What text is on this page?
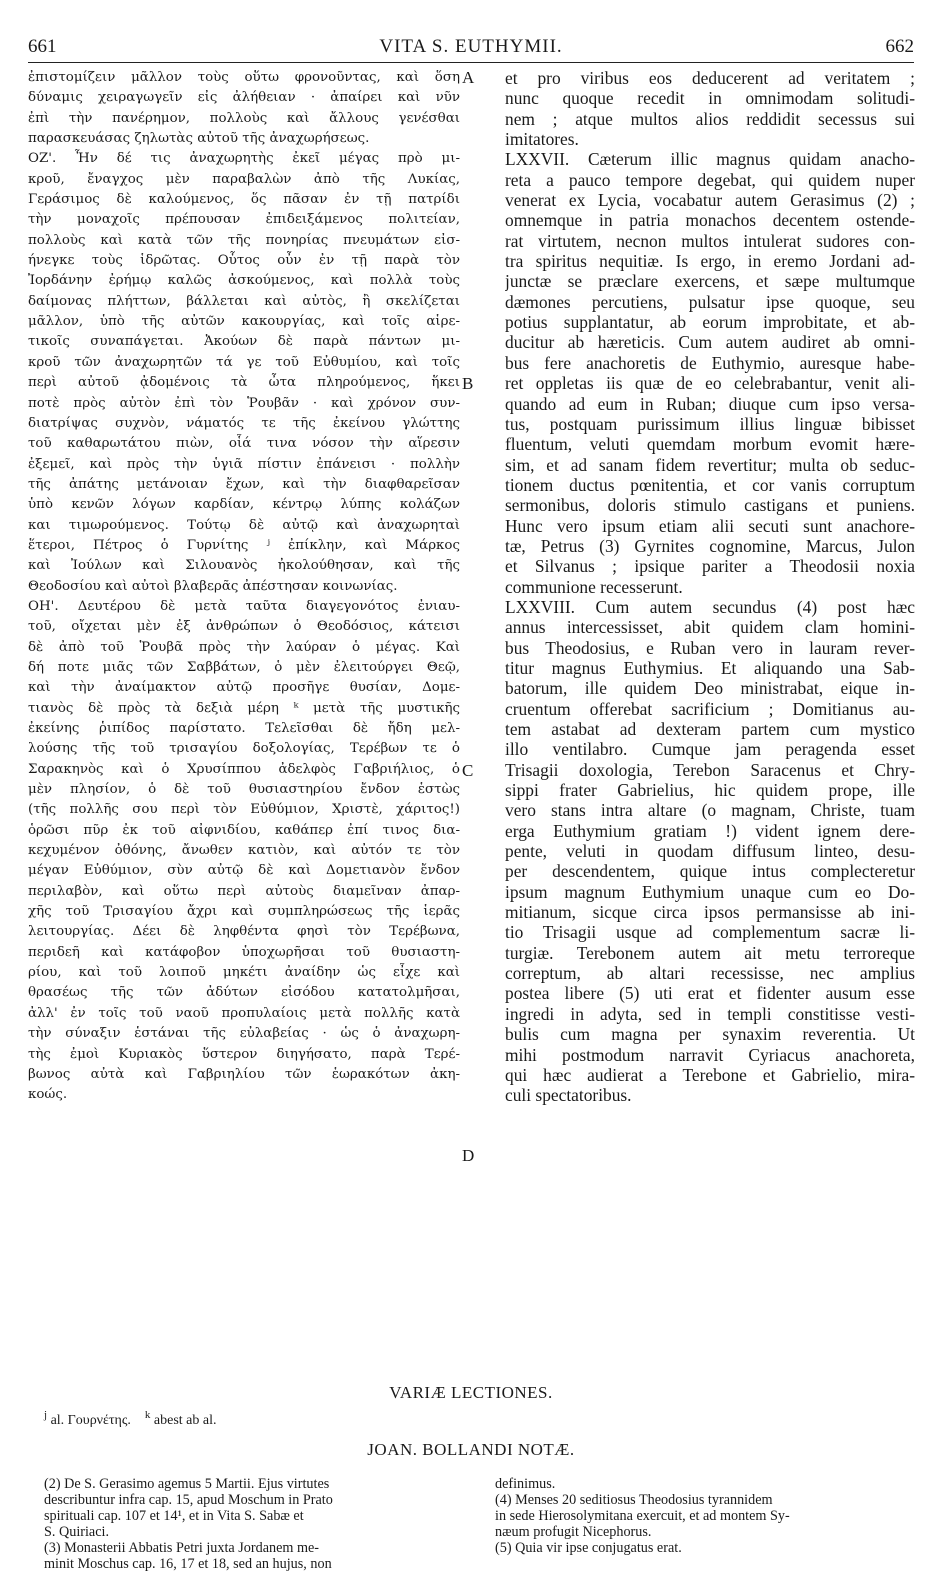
661	VITA S. EUTHYMII.	662
ἐπιστομίζειν μᾶλλον τοὺς οὕτω φρονοῦντας, καὶ ὅση
δύναμις χειραγωγεῖν εἰς ἀλήθειαν · ἀπαίρει καὶ νῦν
ἐπὶ τὴν πανέρημον, πολλοὺς καὶ ἄλλους γενέσθαι
παρασκευάσας ζηλωτὰς αὐτοῦ τῆς ἀναχωρήσεως.
ΟΖ'. Ἦν δέ τις ἀναχωρητὴς ἐκεῖ μέγας πρὸ μι-
κροῦ, ἔναγχος μὲν παραβαλὼν ἀπὸ τῆς Λυκίας,
Γεράσιμος δὲ καλούμενος, ὅς πᾶσαν ἐν τῇ πατρίδι
τὴν μοναχοῖς πρέπουσαν ἐπιδειξάμενος πολιτείαν,
πολλοὺς καὶ κατὰ τῶν τῆς πονηρίας πνευμάτων εἰσ-
ήνεγκε τοὺς ἱδρῶτας. Οὗτος οὖν ἐν τῇ παρὰ τὸν
Ἰορδάνην ἐρήμῳ καλῶς ἀσκούμενος, καὶ πολλὰ τοὺς
δαίμονας πλήττων, βάλλεται καὶ αὐτὸς, ἢ σκελίζεται
μᾶλλον, ὑπὸ τῆς αὐτῶν κακουργίας, καὶ τοῖς αἱρε-
τικοῖς συναπάγεται. Ἀκούων δὲ παρὰ πάντων μι-
κροῦ τῶν ἀναχωρητῶν τά γε τοῦ Εὐθυμίου, καὶ τοῖς
περὶ αὐτοῦ ᾀδομένοις τὰ ὦτα πληρούμενος, ἥκει
ποτὲ πρὸς αὐτὸν ἐπὶ τὸν Ῥουβᾶν · καὶ χρόνον συν-
διατρίψας συχνὸν, νάματός τε τῆς ἐκείνου γλώττης
τοῦ καθαρωτάτου πιὼν, οἷά τινα νόσον τὴν αἵρεσιν
ἐξεμεῖ, καὶ πρὸς τὴν ὑγιᾶ πίστιν ἐπάνεισι · πολλὴν
τῆς ἀπάτης μετάνοιαν ἔχων, καὶ τὴν διαφθαρεῖσαν
ὑπὸ κενῶν λόγων καρδίαν, κέντρῳ λύπης κολάζων
και τιμωρούμενος. Τούτῳ δὲ αὐτῷ καὶ ἀναχωρηταὶ
ἕτεροι, Πέτρος ὁ Γυρνίτης ʲ ἐπίκλην, καὶ Μάρκος
καὶ Ἰούλων καὶ Σιλουανὸς ἠκολούθησαν, καὶ τῆς
Θεοδοσίου καὶ αὐτοὶ βλαβερᾶς ἀπέστησαν κοινωνίας.
ΟΗ'. Δευτέρου δὲ μετὰ ταῦτα διαγεγονότος ἐνιαυ-
τοῦ, οἴχεται μὲν ἐξ ἀνθρώπων ὁ Θεοδόσιος, κάτεισι
δὲ ἀπὸ τοῦ Ῥουβᾶ πρὸς τὴν λαύραν ὁ μέγας. Καὶ
δή ποτε μιᾶς τῶν Σαββάτων, ὁ μὲν ἐλειτούργει Θεῷ,
καὶ τὴν ἀναίμακτον αὐτῷ προσῆγε θυσίαν, Δομε-
τιανὸς δὲ πρὸς τὰ δεξιὰ μέρη ᵏ μετὰ τῆς μυστικῆς
ἐκείνης ῥιπίδος παρίστατο. Τελεῖσθαι δὲ ἤδη μελ-
λούσης τῆς τοῦ τρισαγίου δοξολογίας, Τερέβων τε ὁ
Σαρακηνὸς καὶ ὁ Χρυσίππου ἀδελφὸς Γαβριήλιος, ὁ
μὲν πλησίον, ὁ δὲ τοῦ θυσιαστηρίου ἔνδον ἑστὼς
(τῆς πολλῆς σου περὶ τὸν Εὐθύμιον, Χριστὲ, χάριτος!)
ὁρῶσι πῦρ ἐκ τοῦ αἰφνιδίου, καθάπερ ἐπί τινος δια-
κεχυμένον ὀθόνης, ἄνωθεν κατιὸν, καὶ αὐτόν τε τὸν
μέγαν Εὐθύμιον, σὺν αὐτῷ δὲ καὶ Δομετιανὸν ἔνδον
περιλαβὸν, καὶ οὕτω περὶ αὐτοὺς διαμεῖναν ἀπαρ-
χῆς τοῦ Τρισαγίου ἄχρι καὶ συμπληρώσεως τῆς ἱερᾶς
λειτουργίας. Δέει δὲ ληφθέντα φησὶ τὸν Τερέβωνα,
περιδεῆ καὶ κατάφοβον ὑποχωρῆσαι τοῦ θυσιαστη-
ρίου, καὶ τοῦ λοιποῦ μηκέτι ἀναίδην ὡς εἶχε καὶ
θρασέως τῆς τῶν ἀδύτων εἰσόδου κατατολμῆσαι,
ἀλλ' ἐν τοῖς τοῦ ναοῦ προπυλαίοις μετὰ πολλῆς κατὰ
τὴν σύναξιν ἑστάναι τῆς εὐλαβείας · ὡς ὁ ἀναχωρη-
τὴς ἐμοὶ Κυριακὸς ὕστερον διηγήσατο, παρὰ Τερέ-
βωνος αὐτὰ καὶ Γαβριηλίου τῶν ἑωρακότων ἀκη-
κοώς.
et pro viribus eos deducerent ad veritatem ;
nunc quoque recedit in omnimodam solitudi-
nem ; atque multos alios reddidit secessus sui
imitatores.
LXXVII. Cæterum illic magnus quidam anacho-
reta a pauco tempore degebat, qui quidem nuper
venerat ex Lycia, vocabatur autem Gerasimus (2) ;
omnemque in patria monachos decentem ostende-
rat virtutem, necnon multos intulerat sudores con-
tra spiritus nequitiæ. Is ergo, in eremo Jordani ad-
junctæ se præclare exercens, et sæpe multumque
dæmones percutiens, pulsatur ipse quoque, seu
potius supplantatur, ab eorum improbitate, et ab-
ducitur ab hæreticis. Cum autem audiret ab omni-
bus fere anachoretis de Euthymio, auresque habe-
ret oppletas iis quæ de eo celebrabantur, venit ali-
quando ad eum in Ruban; diuque cum ipso versa-
tus, postquam purissimum illius linguæ bibisset
fluentum, veluti quemdam morbum evomit hære-
sim, et ad sanam fidem revertitur; multa ob seduc-
tionem ductus pœnitentia, et cor vanis corruptum
sermonibus, doloris stimulo castigans et puniens.
Hunc vero ipsum etiam alii secuti sunt anachore-
tæ, Petrus (3) Gyrnites cognomine, Marcus, Julon
et Silvanus ; ipsique pariter a Theodosii noxia
communione recesserunt.
LXXVIII. Cum autem secundus (4) post hæc
annus intercessisset, abit quidem clam homini-
bus Theodosius, e Ruban vero in lauram rever-
titur magnus Euthymius. Et aliquando una Sab-
batorum, ille quidem Deo ministrabat, eique in-
cruentum offerebat sacrificium ; Domitianus au-
tem astabat ad dexteram partem cum mystico
illo ventilabro. Cumque jam peragenda esset
Trisagii doxologia, Terebon Saracenus et Chry-
sippi frater Gabrielius, hic quidem prope, ille
vero stans intra altare (o magnam, Christe, tuam
erga Euthymium gratiam !) vident ignem dere-
pente, veluti in quodam diffusum linteo, desu-
per descendentem, quique intus complecteretur
ipsum magnum Euthymium unaque cum eo Do-
mitianum, sicque circa ipsos permansisse ab ini-
tio Trisagii usque ad complementum sacræ li-
turgiæ. Terebonem autem ait metu terroreque
correptum, ab altari recessisse, nec amplius
postea libere (5) uti erat et fidenter ausum esse
ingredi in adyta, sed in templi constitisse vesti-
bulis cum magna per synaxim reverentia. Ut
mihi postmodum narravit Cyriacus anachoreta,
qui hæc audierat a Terebone et Gabrielio, mira-
culi spectatoribus.
A
B
C
D
VARIÆ LECTIONES.
$^j$ al. Γουρνέτης. $^k$ abest ab al.
JOAN. BOLLANDI NOTÆ.
(2) De S. Gerasimo agemus 5 Martii. Ejus virtutes
describuntur infra cap. 15, apud Moschum in Prato
spirituali cap. 107 et 14¹, et in Vita S. Sabæ et
S. Quiriaci.
(3) Monasterii Abbatis Petri juxta Jordanem me-
minit Moschus cap. 16, 17 et 18, sed an hujus, non
definimus.
(4) Menses 20 seditiosus Theodosius tyrannidem
in sede Hierosolymitana exercuit, et ad montem Sy-
næum profugit Nicephorus.
(5) Quia vir ipse conjugatus erat.
